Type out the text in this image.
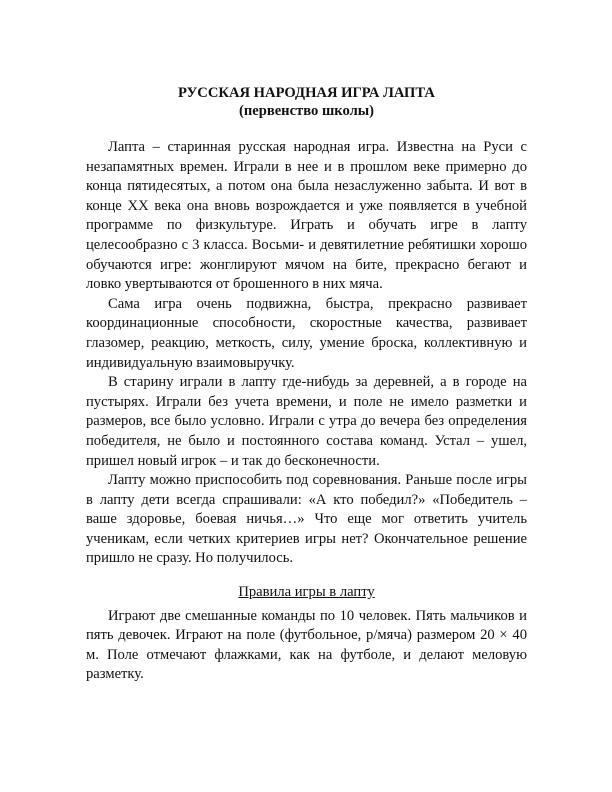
РУССКАЯ НАРОДНАЯ ИГРА ЛАПТА
(первенство школы)

Лапта – старинная русская народная игра. Известна на Руси с незапамятных времен. Играли в нее и в прошлом веке примерно до конца пятидесятых, а потом она была незаслуженно забыта. И вот в конце XX века она вновь возрождается и уже появляется в учебной программе по физкультуре. Играть и обучать игре в лапту целесообразно с 3 класса. Восьми- и девятилетние ребятишки хорошо обучаются игре: жонглируют мячом на бите, прекрасно бегают и ловко увертываются от брошенного в них мяча.

Сама игра очень подвижна, быстра, прекрасно развивает координационные способности, скоростные качества, развивает глазомер, реакцию, меткость, силу, умение броска, коллективную и индивидуальную взаимовыручку.

В старину играли в лапту где-нибудь за деревней, а в городе на пустырях. Играли без учета времени, и поле не имело разметки и размеров, все было условно. Играли с утра до вечера без определения победителя, не было и постоянного состава команд. Устал – ушел, пришел новый игрок – и так до бесконечности.

Лапту можно приспособить под соревнования. Раньше после игры в лапту дети всегда спрашивали: «А кто победил?» «Победитель – ваше здоровье, боевая ничья…» Что еще мог ответить учитель ученикам, если четких критериев игры нет? Окончательное решение пришло не сразу. Но получилось.

Правила игры в лапту

Играют две смешанные команды по 10 человек. Пять мальчиков и пять девочек. Играют на поле (футбольное, р/мяча) размером 20 × 40 м. Поле отмечают флажками, как на футболе, и делают меловую разметку.
